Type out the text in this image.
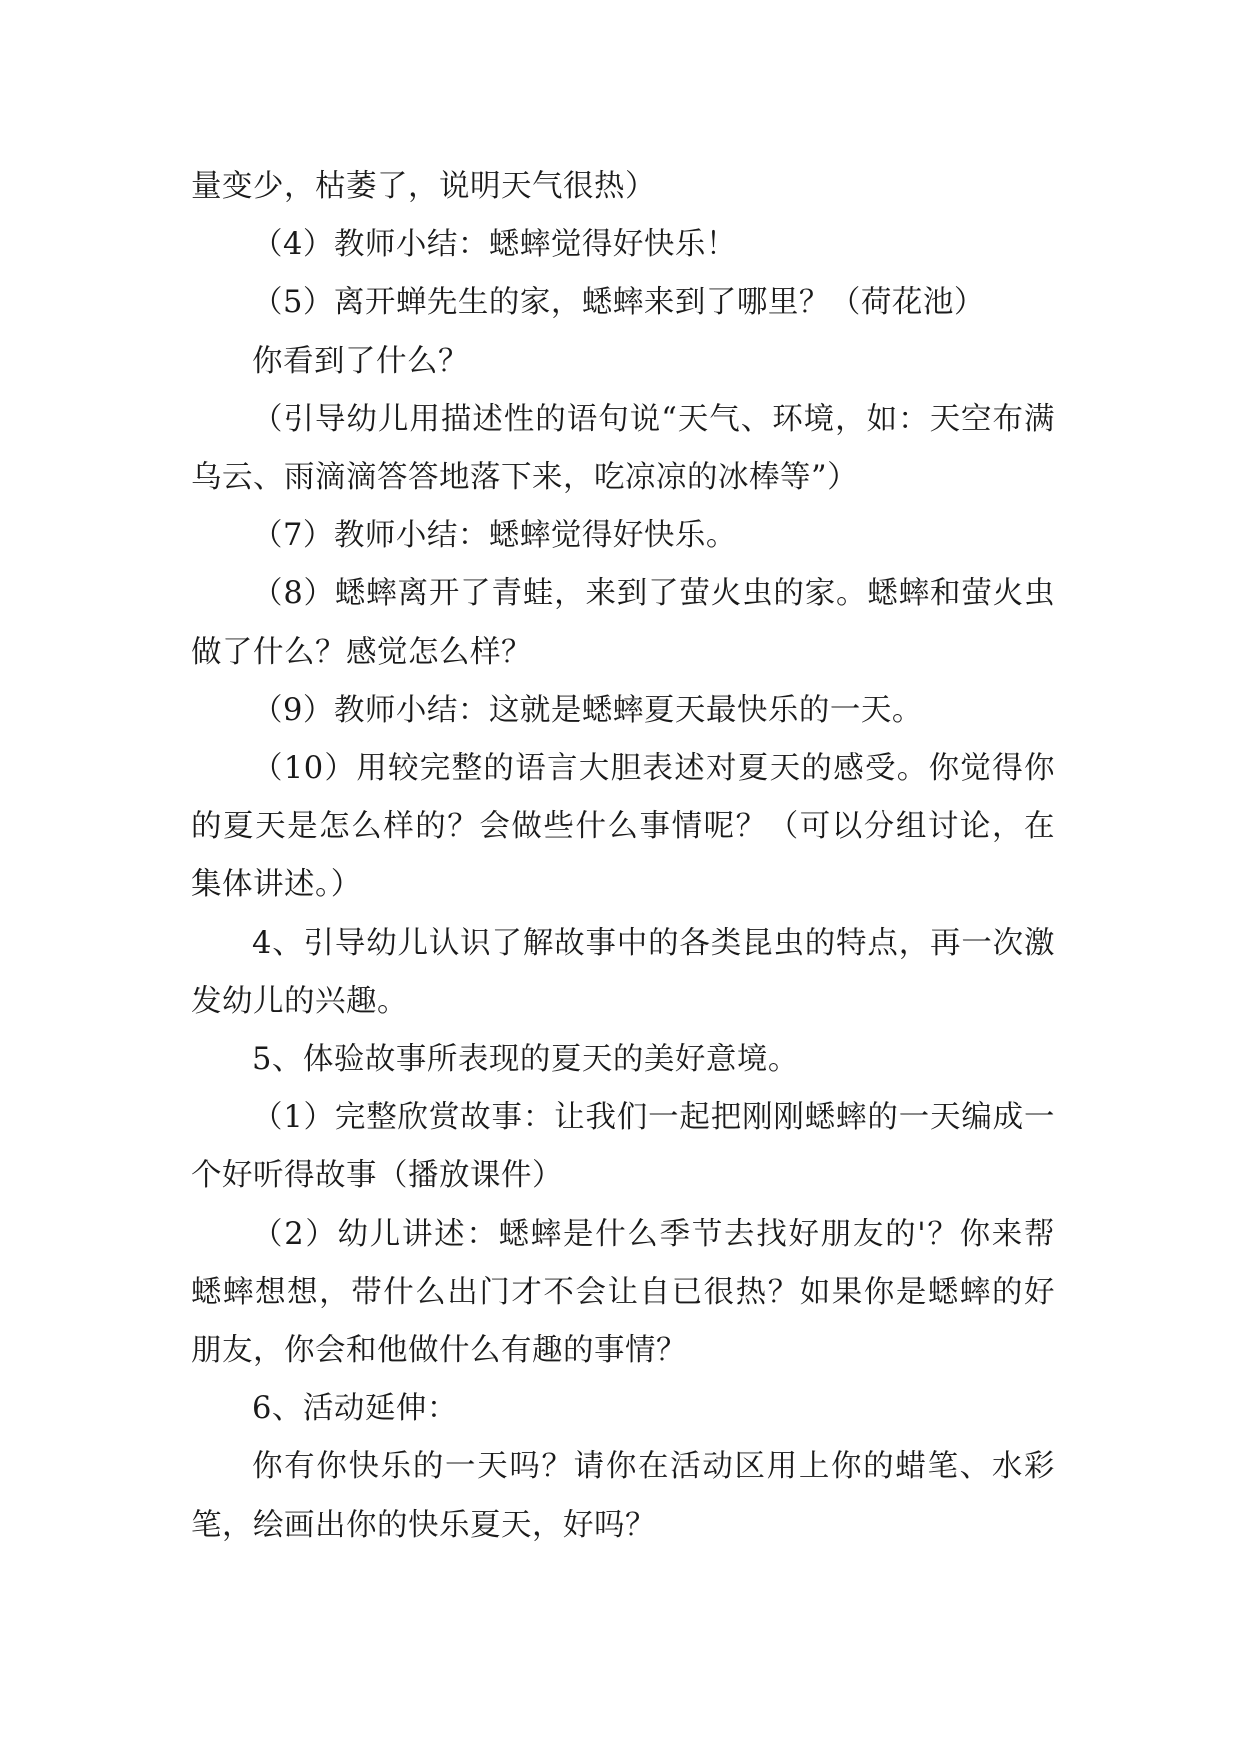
量变少，枯萎了，说明天气很热）

（4）教师小结：蟋蟀觉得好快乐！

（5）离开蝉先生的家，蟋蟀来到了哪里？（荷花池）

你看到了什么？

（引导幼儿用描述性的语句说“天气、环境，如：天空布满乌云、雨滴滴答答地落下来，吃凉凉的冰棒等”）

（7）教师小结：蟋蟀觉得好快乐。

（8）蟋蟀离开了青蛙，来到了萤火虫的家。蟋蟀和萤火虫做了什么？感觉怎么样？

（9）教师小结：这就是蟋蟀夏天最快乐的一天。

（10）用较完整的语言大胆表述对夏天的感受。你觉得你的夏天是怎么样的？会做些什么事情呢？（可以分组讨论，在集体讲述。）

4、引导幼儿认识了解故事中的各类昆虫的特点，再一次激发幼儿的兴趣。

5、体验故事所表现的夏天的美好意境。

（1）完整欣赏故事：让我们一起把刚刚蟋蟀的一天编成一个好听得故事（播放课件）

（2）幼儿讲述：蟋蟀是什么季节去找好朋友的'？你来帮蟋蟀想想，带什么出门才不会让自已很热？如果你是蟋蟀的好朋友，你会和他做什么有趣的事情？

6、活动延伸：

你有你快乐的一天吗？请你在活动区用上你的蜡笔、水彩笔，绘画出你的快乐夏天，好吗？
